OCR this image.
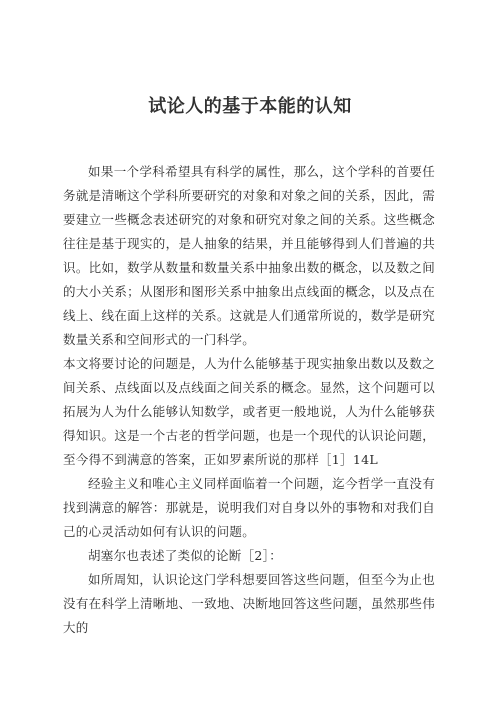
试论人的基于本能的认知

如果一个学科希望具有科学的属性，那么，这个学科的首要任务就是清晰这个学科所要研究的对象和对象之间的关系，因此，需要建立一些概念表述研究的对象和研究对象之间的关系。这些概念往往是基于现实的，是人抽象的结果，并且能够得到人们普遍的共识。比如，数学从数量和数量关系中抽象出数的概念，以及数之间的大小关系；从图形和图形关系中抽象出点线面的概念，以及点在线上、线在面上这样的关系。这就是人们通常所说的，数学是研究数量关系和空间形式的一门科学。

本文将要讨论的问题是，人为什么能够基于现实抽象出数以及数之间关系、点线面以及点线面之间关系的概念。显然，这个问题可以拓展为人为什么能够认知数学，或者更一般地说，人为什么能够获得知识。这是一个古老的哲学问题，也是一个现代的认识论问题，至今得不到满意的答案，正如罗素所说的那样［1］14L

经验主义和唯心主义同样面临着一个问题，迄今哲学一直没有找到满意的解答：那就是，说明我们对自身以外的事物和对我们自己的心灵活动如何有认识的问题。

胡塞尔也表述了类似的论断［2］：

如所周知，认识论这门学科想要回答这些问题，但至今为止也没有在科学上清晰地、一致地、决断地回答这些问题，虽然那些伟大的
